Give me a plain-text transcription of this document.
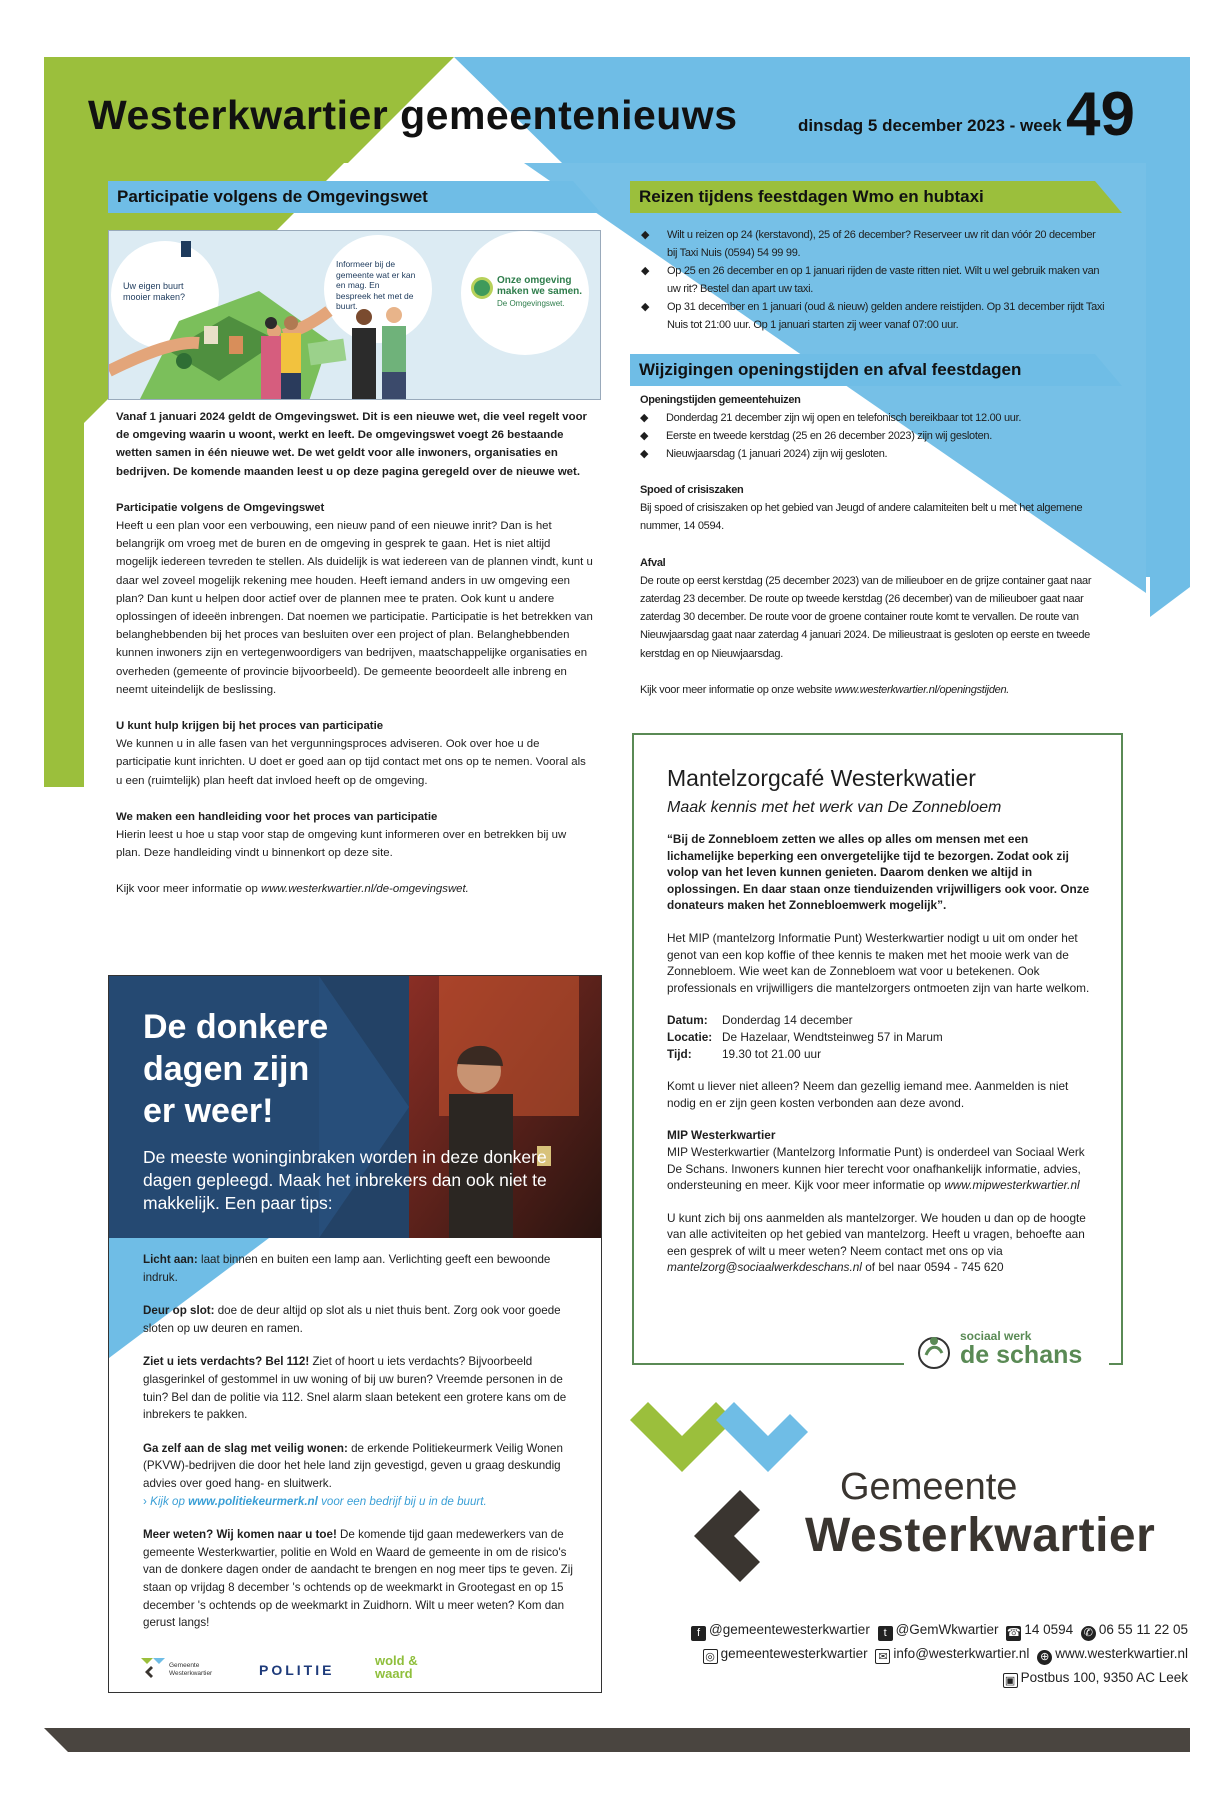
Westerkwartier gemeentenieuws	dinsdag 5 december 2023 - week 49
Participatie volgens de Omgevingswet
Uw eigen buurt mooier maken?
Informeer bij de gemeente wat er kan en mag. En bespreek het met de buurt.
Onze omgeving maken we samen.
De Omgevingswet.

Vanaf 1 januari 2024 geldt de Omgevingswet. Dit is een nieuwe wet, die veel regelt voor de omgeving waarin u woont, werkt en leeft. De omgevingswet voegt 26 bestaande wetten samen in één nieuwe wet. De wet geldt voor alle inwoners, organisaties en bedrijven. De komende maanden leest u op deze pagina geregeld over de nieuwe wet.

Participatie volgens de Omgevingswet

Heeft u een plan voor een verbouwing, een nieuw pand of een nieuwe inrit? Dan is het belangrijk om vroeg met de buren en de omgeving in gesprek te gaan. Het is niet altijd mogelijk iedereen tevreden te stellen. Als duidelijk is wat iedereen van de plannen vindt, kunt u daar wel zoveel mogelijk rekening mee houden. Heeft iemand anders in uw omgeving een plan? Dan kunt u helpen door actief over de plannen mee te praten. Ook kunt u andere oplossingen of ideeën inbrengen. Dat noemen we participatie. Participatie is het betrekken van belanghebbenden bij het proces van besluiten over een project of plan. Belanghebbenden kunnen inwoners zijn en vertegenwoordigers van bedrijven, maatschappelijke organisaties en overheden (gemeente of provincie bijvoorbeeld). De gemeente beoordeelt alle inbreng en neemt uiteindelijk de beslissing.

U kunt hulp krijgen bij het proces van participatie

We kunnen u in alle fasen van het vergunningsproces adviseren. Ook over hoe u de participatie kunt inrichten. U doet er goed aan op tijd contact met ons op te nemen. Vooral als u een (ruimtelijk) plan heeft dat invloed heeft op de omgeving.

We maken een handleiding voor het proces van participatie

Hierin leest u hoe u stap voor stap de omgeving kunt informeren over en betrekken bij uw plan. Deze handleiding vindt u binnenkort op deze site.

Kijk voor meer informatie op www.westerkwartier.nl/de-omgevingswet.

De donkere
dagen zijn
er weer!
De meeste woninginbraken worden in deze donkere dagen gepleegd. Maak het inbrekers dan ook niet te makkelijk. Een paar tips:

Licht aan: laat binnen en buiten een lamp aan. Verlichting geeft een bewoonde indruk.

Deur op slot: doe de deur altijd op slot als u niet thuis bent. Zorg ook voor goede sloten op uw deuren en ramen.

Ziet u iets verdachts? Bel 112! Ziet of hoort u iets verdachts? Bijvoorbeeld glasgerinkel of gestommel in uw woning of bij uw buren? Vreemde personen in de tuin? Bel dan de politie via 112. Snel alarm slaan betekent een grotere kans om de inbrekers te pakken.

Ga zelf aan de slag met veilig wonen: de erkende Politiekeurmerk Veilig Wonen (PKVW)-bedrijven die door het hele land zijn gevestigd, geven u graag deskundig advies over goed hang- en sluitwerk.

› Kijk op www.politiekeurmerk.nl voor een bedrijf bij u in de buurt.

Meer weten? Wij komen naar u toe! De komende tijd gaan medewerkers van de gemeente Westerkwartier, politie en Wold en Waard de gemeente in om de risico's van de donkere dagen onder de aandacht te brengen en nog meer tips te geven. Zij staan op vrijdag 8 december 's ochtends op de weekmarkt in Grootegast en op 15 december 's ochtends op de weekmarkt in Zuidhorn. Wilt u meer weten? Kom dan gerust langs!

Gemeente
Westerkwartier	POLITIE
wold &
waard
Reizen tijdens feestdagen Wmo en hubtaxi
◆ Wilt u reizen op 24 (kerstavond), 25 of 26 december? Reserveer uw rit dan vóór 20 december bij Taxi Nuis (0594) 54 99 99.
◆ Op 25 en 26 december en op 1 januari rijden de vaste ritten niet. Wilt u wel gebruik maken van uw rit? Bestel dan apart uw taxi.
◆ Op 31 december en 1 januari (oud & nieuw) gelden andere reistijden. Op 31 december rijdt Taxi Nuis tot 21:00 uur. Op 1 januari starten zij weer vanaf 07:00 uur.
Wijzigingen openingstijden en afval feestdagen
Openingstijden gemeentehuizen
◆ Donderdag 21 december zijn wij open en telefonisch bereikbaar tot 12.00 uur.
◆ Eerste en tweede kerstdag (25 en 26 december 2023) zijn wij gesloten.
◆ Nieuwjaarsdag (1 januari 2024) zijn wij gesloten.
Spoed of crisiszaken

Bij spoed of crisiszaken op het gebied van Jeugd of andere calamiteiten belt u met het algemene nummer, 14 0594.

Afval

De route op eerst kerstdag (25 december 2023) van de milieuboer en de grijze container gaat naar zaterdag 23 december. De route op tweede kerstdag (26 december) van de milieuboer gaat naar zaterdag 30 december. De route voor de groene container route komt te vervallen. De route van Nieuwjaarsdag gaat naar zaterdag 4 januari 2024. De milieustraat is gesloten op eerste en tweede kerstdag en op Nieuwjaarsdag.

Kijk voor meer informatie op onze website www.westerkwartier.nl/openingstijden.

Mantelzorgcafé Westerkwatier
Maak kennis met het werk van De Zonnebloem

“Bij de Zonnebloem zetten we alles op alles om mensen met een lichamelijke beperking een onvergetelijke tijd te bezorgen. Zodat ook zij volop van het leven kunnen genieten. Daarom denken we altijd in oplossingen. En daar staan onze tienduizenden vrijwilligers ook voor. Onze donateurs maken het Zonnebloemwerk mogelijk”.

Het MIP (mantelzorg Informatie Punt) Westerkwartier nodigt u uit om onder het genot van een kop koffie of thee kennis te maken met het mooie werk van de Zonnebloem. Wie weet kan de Zonnebloem wat voor u betekenen. Ook professionals en vrijwilligers die mantelzorgers ontmoeten zijn van harte welkom.

Datum: Donderdag 14 december
Locatie: De Hazelaar, Wendtsteinweg 57 in Marum
Tijd:	19.30 tot 21.00 uur

Komt u liever niet alleen? Neem dan gezellig iemand mee. Aanmelden is niet nodig en er zijn geen kosten verbonden aan deze avond.

MIP Westerkwartier

MIP Westerkwartier (Mantelzorg Informatie Punt) is onderdeel van Sociaal Werk De Schans. Inwoners kunnen hier terecht voor onafhankelijk informatie, advies, ondersteuning en meer. Kijk voor meer informatie op www.mipwesterkwartier.nl

U kunt zich bij ons aanmelden als mantelzorger. We houden u dan op de hoogte van alle activiteiten op het gebied van mantelzorg. Heeft u vragen, behoefte aan een gesprek of wilt u meer weten? Neem contact met ons op via mantelzorg@sociaalwerkdeschans.nl of bel naar 0594 - 745 620

sociaal werk
de schans
Gemeente
Westerkwartier
f @gemeentewesterkwartier t @GemWkwartier ☎ 14 0594 ✆ 06 55 11 22 05
◎ gemeentewesterkwartier ✉ info@westerkwartier.nl ⊕ www.westerkwartier.nl
▣ Postbus 100, 9350 AC Leek
